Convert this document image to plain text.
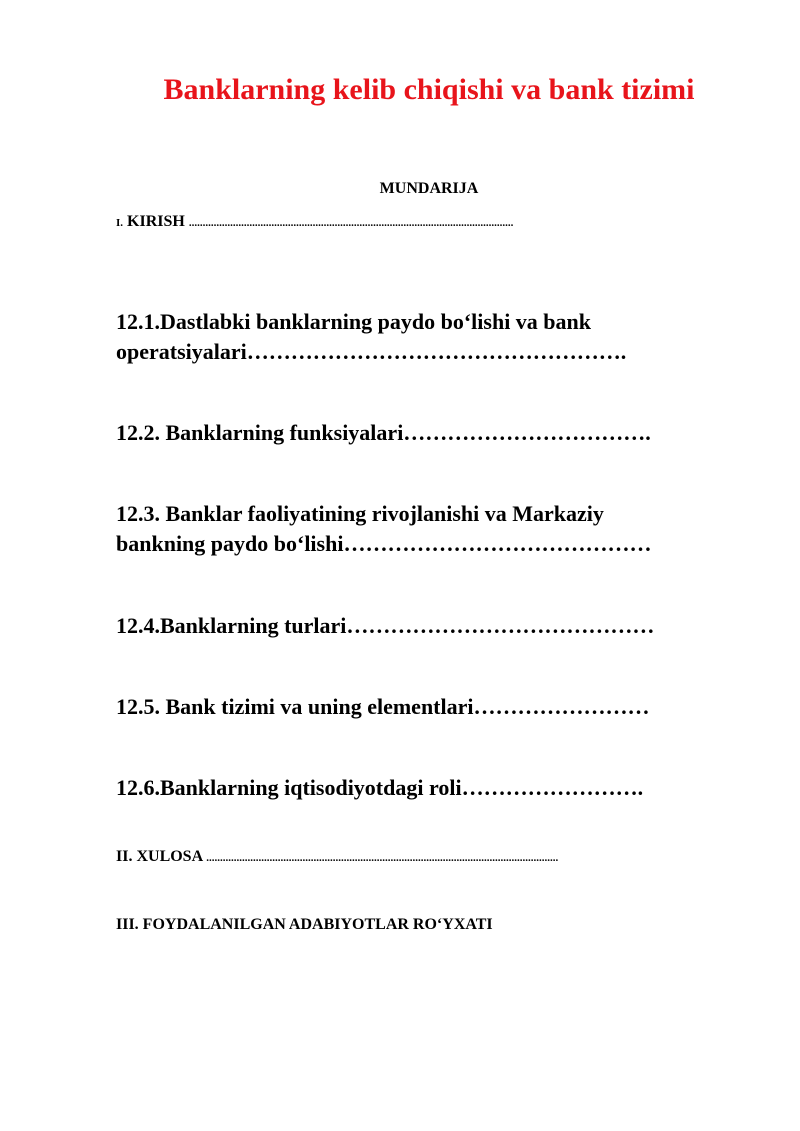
Banklarning kelib chiqishi va bank tizimi
MUNDARIJA
I. KIRISH ......................................................................................................................
12.1.Dastlabki banklarning paydo bo‘lishi va bank
operatsiyalari…………………………………………….
12.2. Banklarning funksiyalari…………………………….
12.3. Banklar faoliyatining rivojlanishi va Markaziy
bankning paydo bo‘lishi……………………………………
12.4.Banklarning turlari……………………………………
12.5. Bank tizimi va uning elementlari……………………
12.6.Banklarning iqtisodiyotdagi roli…………………….
II. XULOSA ................................................................................................................................
III. FOYDALANILGAN ADABIYOTLAR RO‘YXATI
